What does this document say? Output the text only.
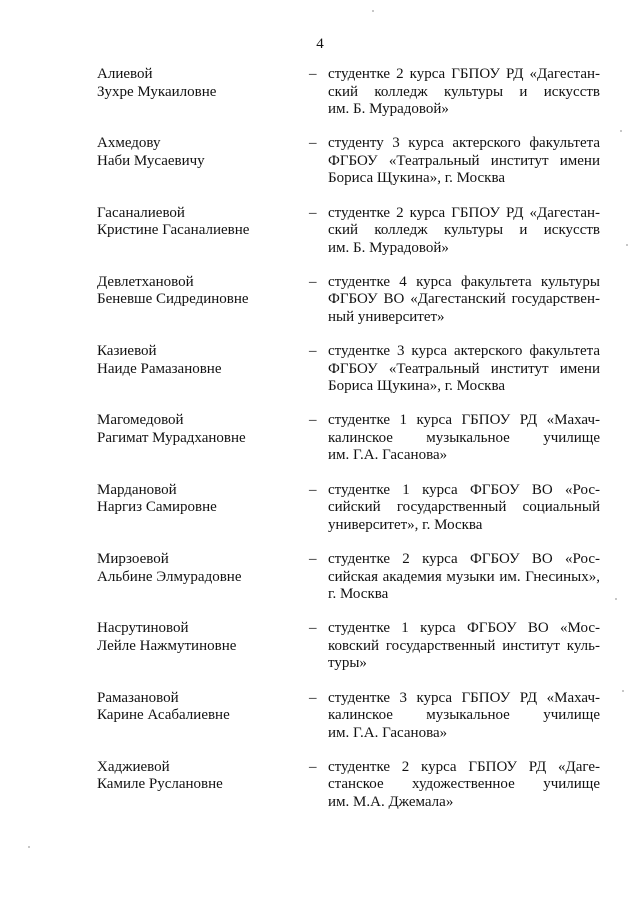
4
Алиевой
Зухре Мукаиловне
– студентке 2 курса ГБПОУ РД «Дагестан-
ский колледж культуры и искусств
им. Б. Мурадовой»
Ахмедову
Наби Мусаевичу
– студенту 3 курса актерского факультета
ФГБОУ «Театральный институт имени
Бориса Щукина», г. Москва
Гасаналиевой
Кристине Гасаналиевне
– студентке 2 курса ГБПОУ РД «Дагестан-
ский колледж культуры и искусств
им. Б. Мурадовой»
Девлетхановой
Беневше Сидрединовне
– студентке 4 курса факультета культуры
ФГБОУ ВО «Дагестанский государствен-
ный университет»
Казиевой
Наиде Рамазановне
– студентке 3 курса актерского факультета
ФГБОУ «Театральный институт имени
Бориса Щукина», г. Москва
Магомедовой
Рагимат Мурадхановне
– студентке 1 курса ГБПОУ РД «Махач-
калинское музыкальное училище
им. Г.А. Гасанова»
Мардановой
Наргиз Самировне
– студентке 1 курса ФГБОУ ВО «Рос-
сийский государственный социальный
университет», г. Москва
Мирзоевой
Альбине Элмурадовне
– студентке 2 курса ФГБОУ ВО «Рос-
сийская академия музыки им. Гнесиных»,
г. Москва
Насрутиновой
Лейле Нажмутиновне
– студентке 1 курса ФГБОУ ВО «Мос-
ковский государственный институт куль-
туры»
Рамазановой
Карине Асабалиевне
– студентке 3 курса ГБПОУ РД «Махач-
калинское музыкальное училище
им. Г.А. Гасанова»
Хаджиевой
Камиле Руслановне
– студентке 2 курса ГБПОУ РД «Даге-
станское художественное училище
им. М.А. Джемала»
